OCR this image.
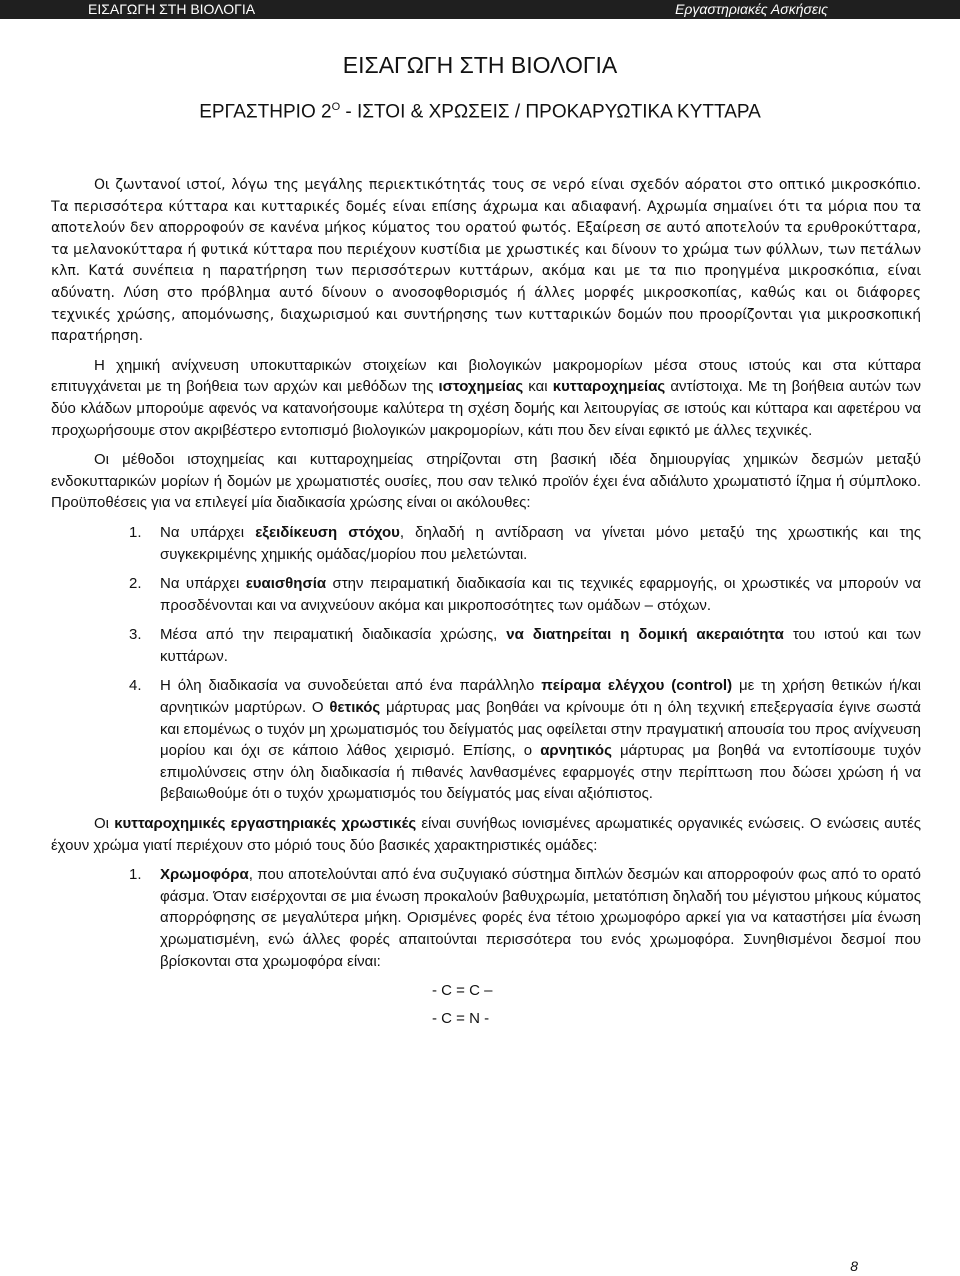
ΕΙΣΑΓΩΓΗ ΣΤΗ ΒΙΟΛΟΓΙΑ	Εργαστηριακές Ασκήσεις
ΕΙΣΑΓΩΓΗ ΣΤΗ ΒΙΟΛΟΓΙΑ
ΕΡΓΑΣΤΗΡΙΟ $2^O$ - ΙΣΤΟΙ & ΧΡΩΣΕΙΣ / ΠΡΟΚΑΡΥΩΤΙΚΑ ΚΥΤΤΑΡΑ

Οι ζωντανοί ιστοί, λόγω της μεγάλης περιεκτικότητάς τους σε νερό είναι σχεδόν αόρατοι στο οπτικό μικροσκόπιο. Τα περισσότερα κύτταρα και κυτταρικές δομές είναι επίσης άχρωμα και αδιαφανή. Αχρωμία σημαίνει ότι τα μόρια που τα αποτελούν δεν απορροφούν σε κανένα μήκος κύματος του ορατού φωτός. Εξαίρεση σε αυτό αποτελούν τα ερυθροκύτταρα, τα μελανοκύτταρα ή φυτικά κύτταρα που περιέχουν κυστίδια με χρωστικές και δίνουν το χρώμα των φύλλων, των πετάλων κλπ. Κατά συνέπεια η παρατήρηση των περισσότερων κυττάρων, ακόμα και με τα πιο προηγμένα μικροσκόπια, είναι αδύνατη. Λύση στο πρόβλημα αυτό δίνουν ο ανοσοφθορισμός ή άλλες μορφές μικροσκοπίας, καθώς και οι διάφορες τεχνικές χρώσης, απομόνωσης, διαχωρισμού και συντήρησης των κυτταρικών δομών που προορίζονται για μικροσκοπική παρατήρηση.

Η χημική ανίχνευση υποκυτταρικών στοιχείων και βιολογικών μακρομορίων μέσα στους ιστούς και στα κύτταρα επιτυγχάνεται με τη βοήθεια των αρχών και μεθόδων της ιστοχημείας και κυτταροχημείας αντίστοιχα. Με τη βοήθεια αυτών των δύο κλάδων μπορούμε αφενός να κατανοήσουμε καλύτερα τη σχέση δομής και λειτουργίας σε ιστούς και κύτταρα και αφετέρου να προχωρήσουμε στον ακριβέστερο εντοπισμό βιολογικών μακρομορίων, κάτι που δεν είναι εφικτό με άλλες τεχνικές.

Οι μέθοδοι ιστοχημείας και κυτταροχημείας στηρίζονται στη βασική ιδέα δημιουργίας χημικών δεσμών μεταξύ ενδοκυτταρικών μορίων ή δομών με χρωματιστές ουσίες, που σαν τελικό προϊόν έχει ένα αδιάλυτο χρωματιστό ίζημα ή σύμπλοκο. Προϋποθέσεις για να επιλεγεί μία διαδικασία χρώσης είναι οι ακόλουθες:

1. Να υπάρχει εξειδίκευση στόχου, δηλαδή η αντίδραση να γίνεται μόνο μεταξύ της χρωστικής και της συγκεκριμένης χημικής ομάδας/μορίου που μελετώνται.
2. Να υπάρχει ευαισθησία στην πειραματική διαδικασία και τις τεχνικές εφαρμογής, οι χρωστικές να μπορούν να προσδένονται και να ανιχνεύουν ακόμα και μικροποσότητες των ομάδων – στόχων.
3. Μέσα από την πειραματική διαδικασία χρώσης, να διατηρείται η δομική ακεραιότητα του ιστού και των κυττάρων.
4. Η όλη διαδικασία να συνοδεύεται από ένα παράλληλο πείραμα ελέγχου (control) με τη χρήση θετικών ή/και αρνητικών μαρτύρων. Ο θετικός μάρτυρας μας βοηθάει να κρίνουμε ότι η όλη τεχνική επεξεργασία έγινε σωστά και επομένως ο τυχόν μη χρωματισμός του δείγματός μας οφείλεται στην πραγματική απουσία του προς ανίχνευση μορίου και όχι σε κάποιο λάθος χειρισμό. Επίσης, ο αρνητικός μάρτυρας μα βοηθά να εντοπίσουμε τυχόν επιμολύνσεις στην όλη διαδικασία ή πιθανές λανθασμένες εφαρμογές στην περίπτωση που δώσει χρώση ή να βεβαιωθούμε ότι ο τυχόν χρωματισμός του δείγματός μας είναι αξιόπιστος.

Οι κυτταροχημικές εργαστηριακές χρωστικές είναι συνήθως ιονισμένες αρωματικές οργανικές ενώσεις. Ο ενώσεις αυτές έχουν χρώμα γιατί περιέχουν στο μόριό τους δύο βασικές χαρακτηριστικές ομάδες:

1. Χρωμοφόρα, που αποτελούνται από ένα συζυγιακό σύστημα διπλών δεσμών και απορροφούν φως από το ορατό φάσμα. Όταν εισέρχονται σε μια ένωση προκαλούν βαθυχρωμία, μετατόπιση δηλαδή του μέγιστου μήκους κύματος απορρόφησης σε μεγαλύτερα μήκη. Ορισμένες φορές ένα τέτοιο χρωμοφόρο αρκεί για να καταστήσει μία ένωση χρωματισμένη, ενώ άλλες φορές απαιτούνται περισσότερα του ενός χρωμοφόρα. Συνηθισμένοι δεσμοί που βρίσκονται στα χρωμοφόρα είναι:
- C = C –
- C = N -
8
